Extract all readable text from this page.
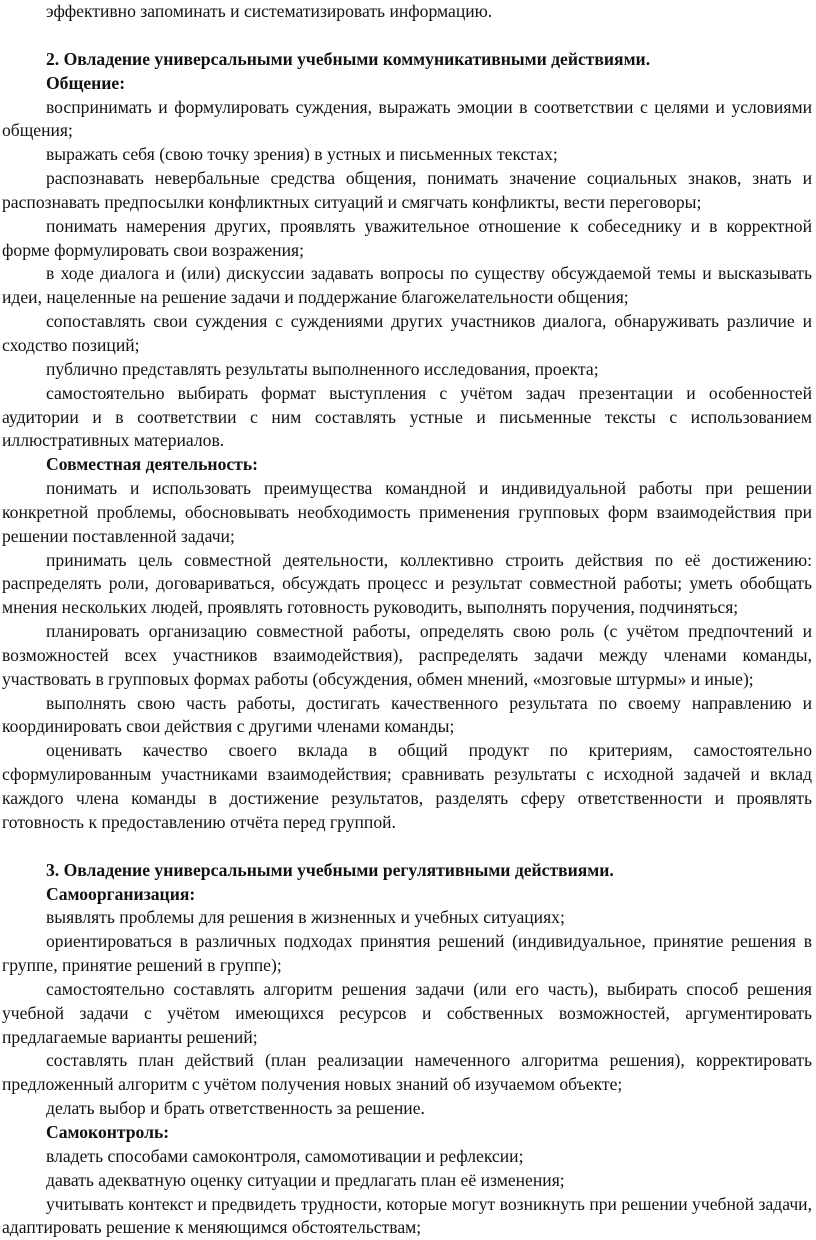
эффективно запоминать и систематизировать информацию.

2. Овладение универсальными учебными коммуникативными действиями.

Общение:

воспринимать и формулировать суждения, выражать эмоции в соответствии с целями и условиями общения;

выражать себя (свою точку зрения) в устных и письменных текстах;

распознавать невербальные средства общения, понимать значение социальных знаков, знать и распознавать предпосылки конфликтных ситуаций и смягчать конфликты, вести переговоры;

понимать намерения других, проявлять уважительное отношение к собеседнику и в корректной форме формулировать свои возражения;

в ходе диалога и (или) дискуссии задавать вопросы по существу обсуждаемой темы и высказывать идеи, нацеленные на решение задачи и поддержание благожелательности общения;

сопоставлять свои суждения с суждениями других участников диалога, обнаруживать различие и сходство позиций;

публично представлять результаты выполненного исследования, проекта;

самостоятельно выбирать формат выступления с учётом задач презентации и особенностей аудитории и в соответствии с ним составлять устные и письменные тексты с использованием иллюстративных материалов.

Совместная деятельность:

понимать и использовать преимущества командной и индивидуальной работы при решении конкретной проблемы, обосновывать необходимость применения групповых форм взаимодействия при решении поставленной задачи;

принимать цель совместной деятельности, коллективно строить действия по её достижению: распределять роли, договариваться, обсуждать процесс и результат совместной работы; уметь обобщать мнения нескольких людей, проявлять готовность руководить, выполнять поручения, подчиняться;

планировать организацию совместной работы, определять свою роль (с учётом предпочтений и возможностей всех участников взаимодействия), распределять задачи между членами команды, участвовать в групповых формах работы (обсуждения, обмен мнений, «мозговые штурмы» и иные);

выполнять свою часть работы, достигать качественного результата по своему направлению и координировать свои действия с другими членами команды;

оценивать качество своего вклада в общий продукт по критериям, самостоятельно сформулированным участниками взаимодействия; сравнивать результаты с исходной задачей и вклад каждого члена команды в достижение результатов, разделять сферу ответственности и проявлять готовность к предоставлению отчёта перед группой.

3. Овладение универсальными учебными регулятивными действиями.

Самоорганизация:

выявлять проблемы для решения в жизненных и учебных ситуациях;

ориентироваться в различных подходах принятия решений (индивидуальное, принятие решения в группе, принятие решений в группе);

самостоятельно составлять алгоритм решения задачи (или его часть), выбирать способ решения учебной задачи с учётом имеющихся ресурсов и собственных возможностей, аргументировать предлагаемые варианты решений;

составлять план действий (план реализации намеченного алгоритма решения), корректировать предложенный алгоритм с учётом получения новых знаний об изучаемом объекте;

делать выбор и брать ответственность за решение.

Самоконтроль:

владеть способами самоконтроля, самомотивации и рефлексии;

давать адекватную оценку ситуации и предлагать план её изменения;

учитывать контекст и предвидеть трудности, которые могут возникнуть при решении учебной задачи, адаптировать решение к меняющимся обстоятельствам;
